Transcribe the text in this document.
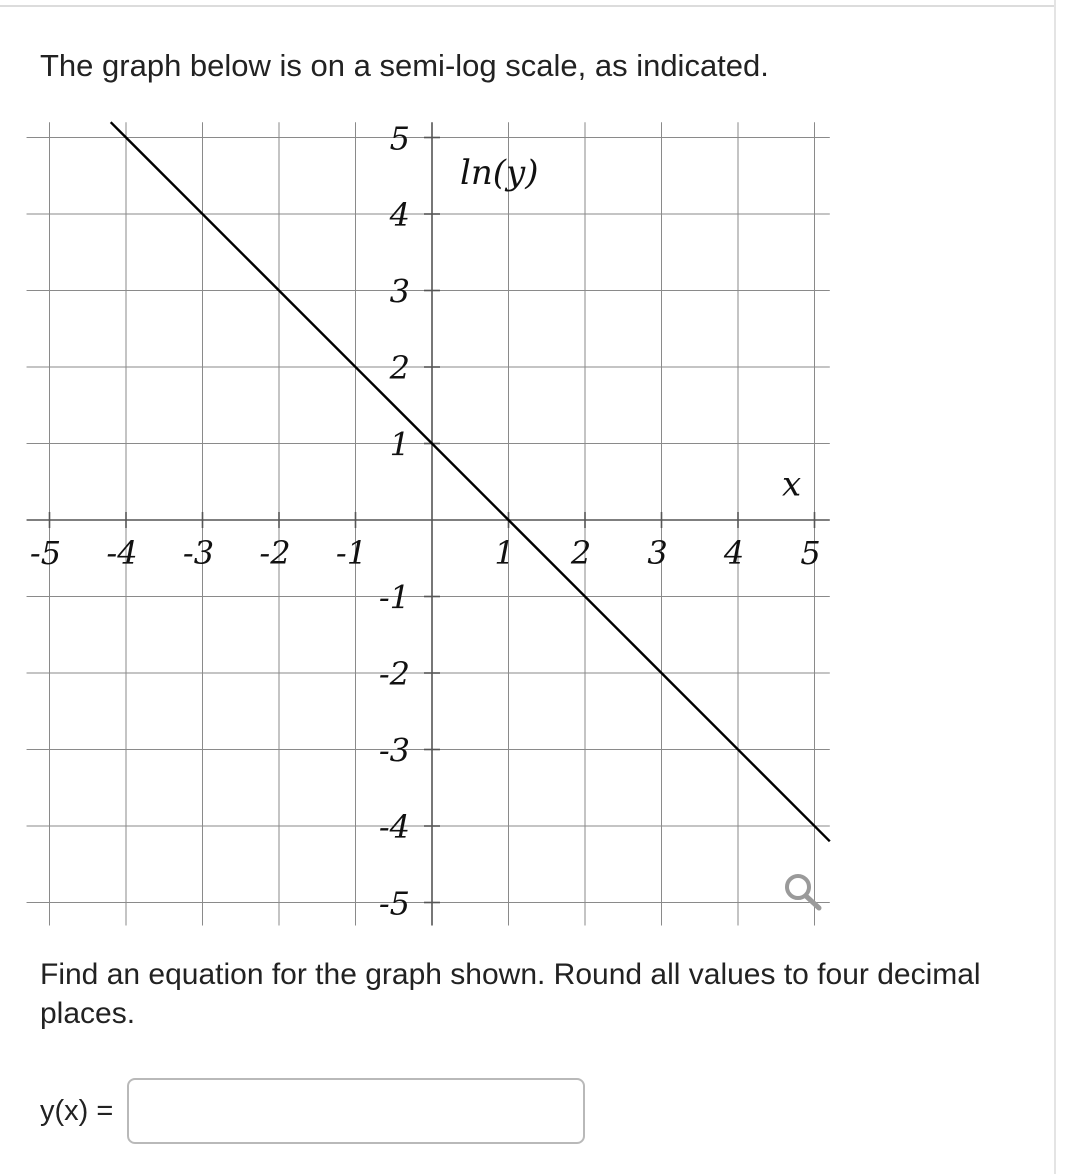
The graph below is on a semi-log scale, as indicated.

-5 -4 -3 -2 -1	1 2 3 4 5
5
4
3
2
1
-1
-2
-3
-4
-5
ln(y)
x

Find an equation for the graph shown. Round all values to four decimal places.

y(x) =
